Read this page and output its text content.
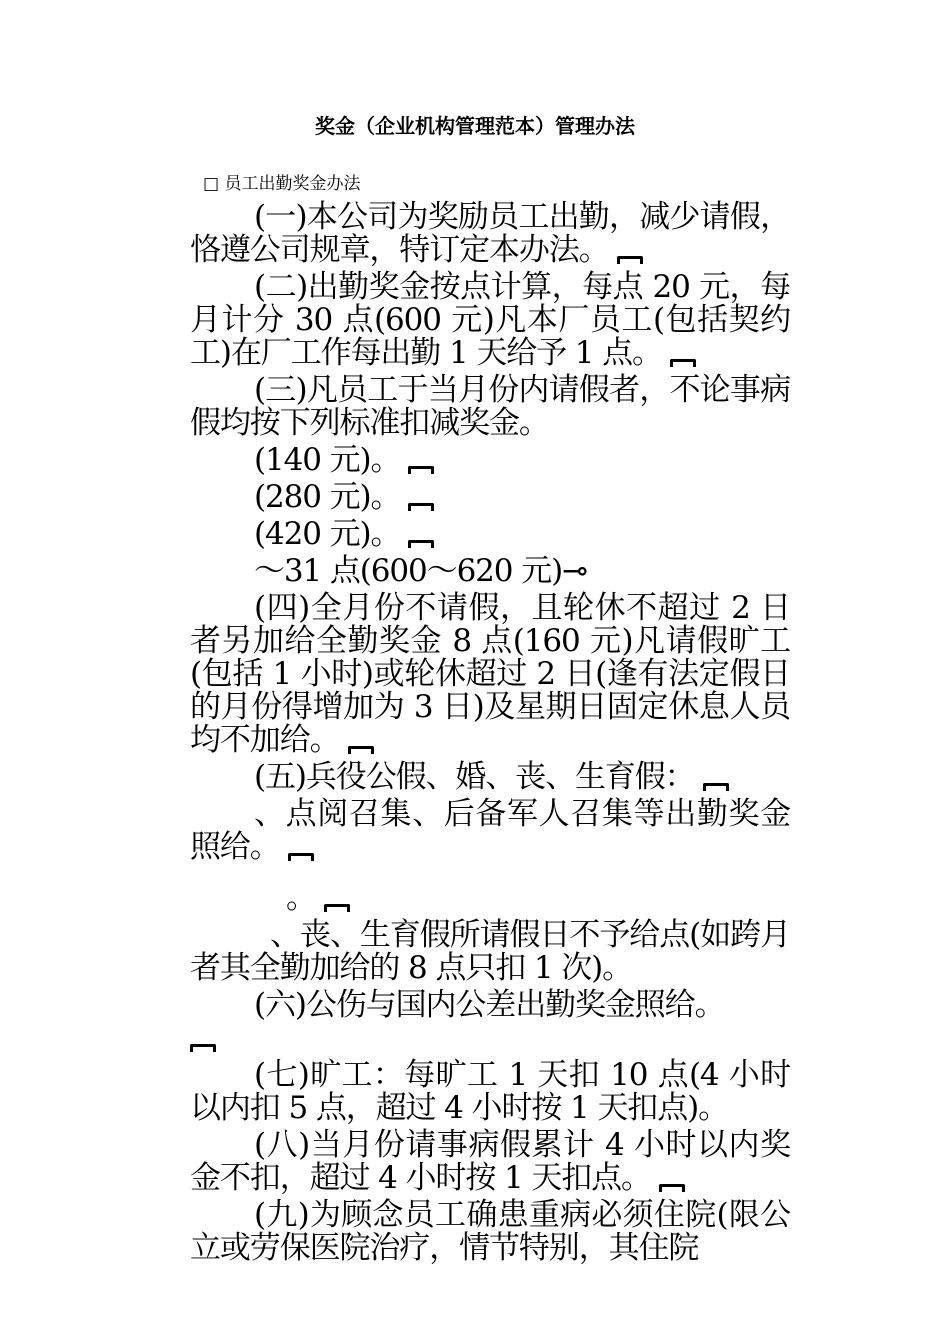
奖金（企业机构管理范本）管理办法
□ 员工出勤奖金办法

(一)本公司为奖励员工出勤，减少请假，恪遵公司规章，特订定本办法。

(二)出勤奖金按点计算，每点 20 元，每月计分 30 点(600 元)凡本厂员工(包括契约工)在厂工作每出勤 1 天给予 1 点。

(三)凡员工于当月份内请假者，不论事病假均按下列标准扣减奖金。

(140 元)。

(280 元)。

(420 元)。

～31 点(600～620 元)⊸

(四)全月份不请假，且轮休不超过 2 日者另加给全勤奖金 8 点(160 元)凡请假旷工(包括 1 小时)或轮休超过 2 日(逢有法定假日的月份得增加为 3 日)及星期日固定休息人员均不加给。

(五)兵役公假、婚、丧、生育假：

、点阅召集、后备军人召集等出勤奖金照给。

。

、丧、生育假所请假日不予给点(如跨月者其全勤加给的 8 点只扣 1 次)。

(六)公伤与国内公差出勤奖金照给。

(七)旷工：每旷工 1 天扣 10 点(4 小时以内扣 5 点，超过 4 小时按 1 天扣点)。

(八)当月份请事病假累计 4 小时以内奖金不扣，超过 4 小时按 1 天扣点。

(九)为顾念员工确患重病必须住院(限公立或劳保医院治疗，情节特别，其住院
